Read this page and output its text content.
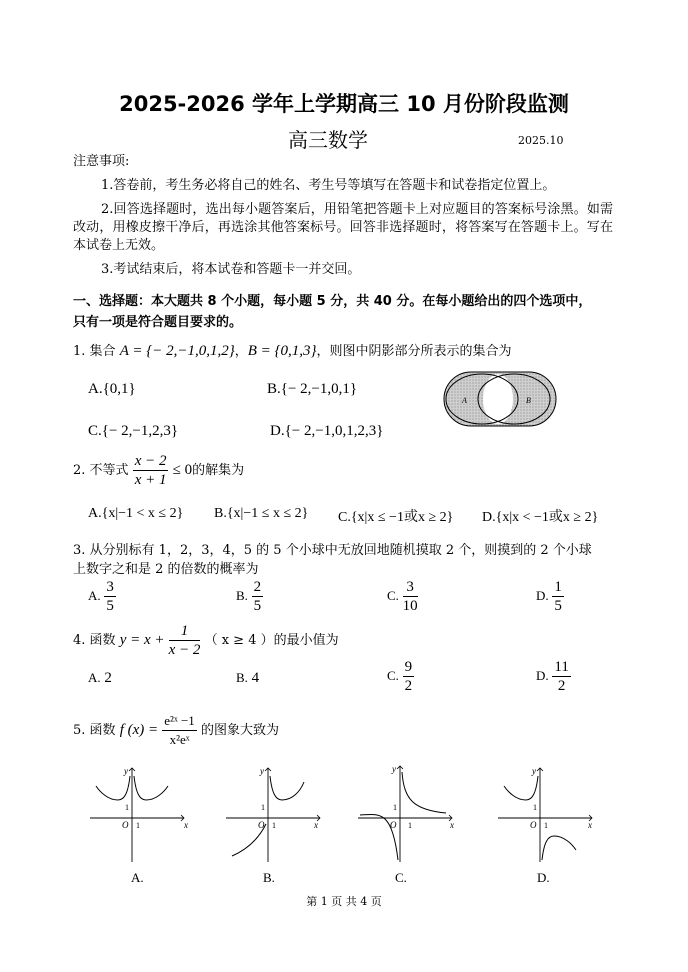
2025-2026 学年上学期高三 10 月份阶段监测
高三数学	2025.10
注意事项:
1.答卷前，考生务必将自己的姓名、考生号等填写在答题卡和试卷指定位置上。
2.回答选择题时，选出每小题答案后，用铅笔把答题卡上对应题目的答案标号涂黑。如需改动，用橡皮擦干净后，再选涂其他答案标号。回答非选择题时，将答案写在答题卡上。写在本试卷上无效。
3.考试结束后，将本试卷和答题卡一并交回。
一、选择题：本大题共 8 个小题，每小题 5 分，共 40 分。在每小题给出的四个选项中，
只有一项是符合题目要求的。
1. 集合 A = {− 2,−1,0,1,2}，B = {0,1,3}，则图中阴影部分所表示的集合为
A.{0,1}	B.{− 2,−1,0,1}
C.{− 2,−1,2,3}	D.{− 2,−1,0,1,2,3}
A	B
2. 不等式 $\frac{x - 2}{x + 1} \le 0$的解集为
A.{x|−1 < x ≤ 2} B.{x|−1 ≤ x ≤ 2} C.{x|x ≤ −1或x ≥ 2} D.{x|x < −1或x ≥ 2}
3. 从分别标有 1，2，3，4，5 的 5 个小球中无放回地随机摸取 2 个，则摸到的 2 个小球
上数字之和是 2 的倍数的概率为
A. $\frac{3}{5}$	B. $\frac{2}{5}$	C. $\frac{3}{10}$	D. $\frac{1}{5}$
4. 函数 $y = x + \frac{1}{x - 2}$ （ x ≥ 4 ）的最小值为
A. 2	B. 4	C. $\frac{9}{2}$	D. $\frac{11}{2}$
5. 函数 f $(x) = \frac{\text{e²ˣ −1}}{\text{x²eˣ}}$ 的图象大致为
x
y
O 1
1
A.
x
y
O 1
1
B.
x
y
O 1
1
C.
x
y
O 1
1
D.
第 1 页 共 4 页
